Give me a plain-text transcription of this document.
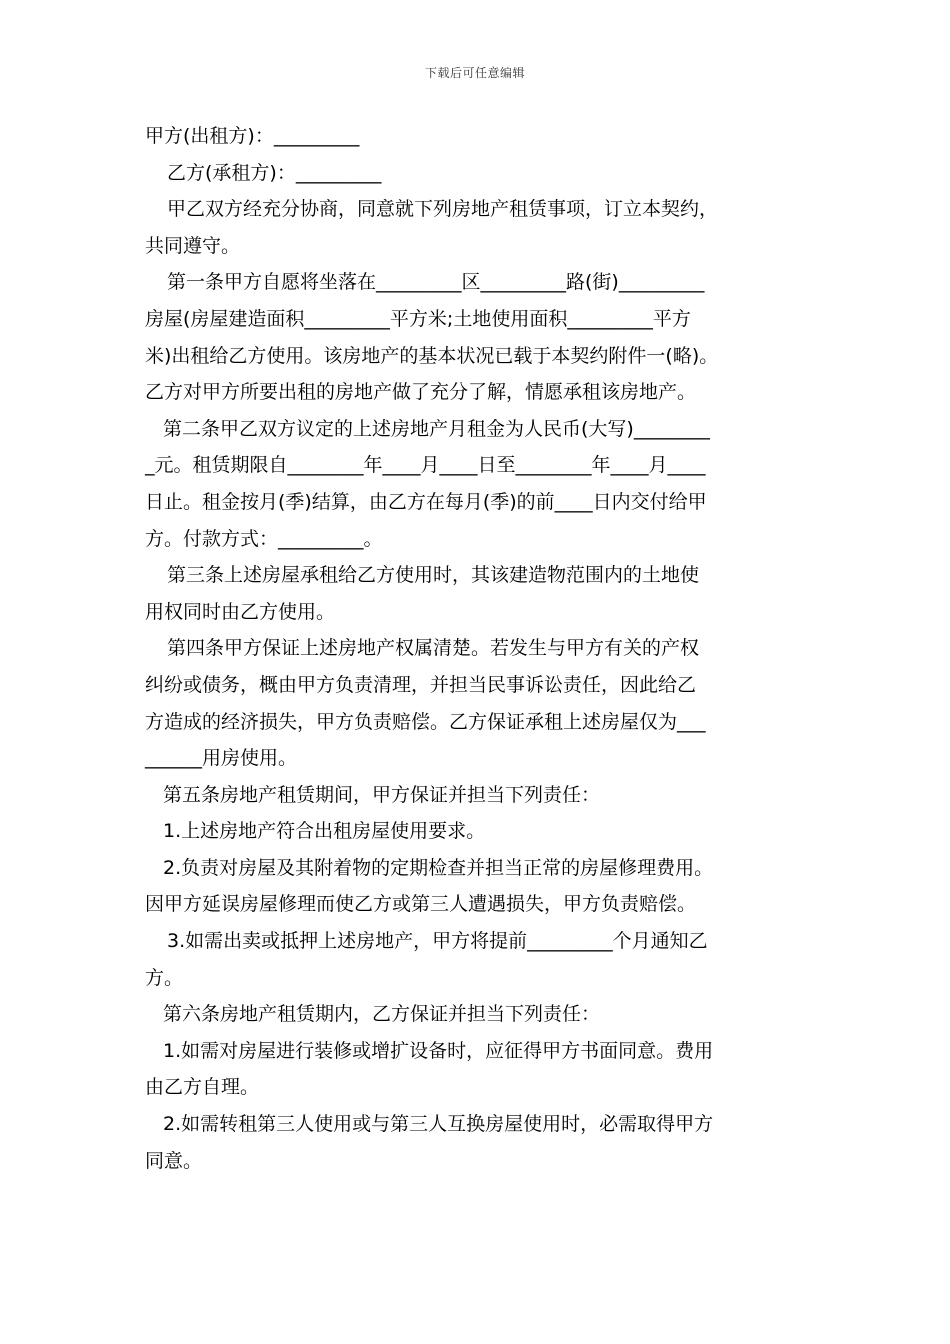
下载后可任意编辑
甲方(出租方)：_________
乙方(承租方)：_________
甲乙双方经充分协商，同意就下列房地产租赁事项，订立本契约，
共同遵守。
第一条甲方自愿将坐落在_________区_________路(街)_________
房屋(房屋建造面积_________平方米;土地使用面积_________平方
米)出租给乙方使用。该房地产的基本状况已载于本契约附件一(略)。
乙方对甲方所要出租的房地产做了充分了解，情愿承租该房地产。
第二条甲乙双方议定的上述房地产月租金为人民币(大写)________
_元。租赁期限自________年____月____日至________年____月____
日止。租金按月(季)结算，由乙方在每月(季)的前____日内交付给甲
方。付款方式：_________。
第三条上述房屋承租给乙方使用时，其该建造物范围内的土地使
用权同时由乙方使用。
第四条甲方保证上述房地产权属清楚。若发生与甲方有关的产权
纠纷或债务，概由甲方负责清理，并担当民事诉讼责任，因此给乙
方造成的经济损失，甲方负责赔偿。乙方保证承租上述房屋仅为___
______用房使用。
第五条房地产租赁期间，甲方保证并担当下列责任：
1.上述房地产符合出租房屋使用要求。
2.负责对房屋及其附着物的定期检查并担当正常的房屋修理费用。
因甲方延误房屋修理而使乙方或第三人遭遇损失，甲方负责赔偿。
3.如需出卖或抵押上述房地产，甲方将提前_________个月通知乙
方。
第六条房地产租赁期内，乙方保证并担当下列责任：
1.如需对房屋进行装修或增扩设备时，应征得甲方书面同意。费用
由乙方自理。
2.如需转租第三人使用或与第三人互换房屋使用时，必需取得甲方
同意。
